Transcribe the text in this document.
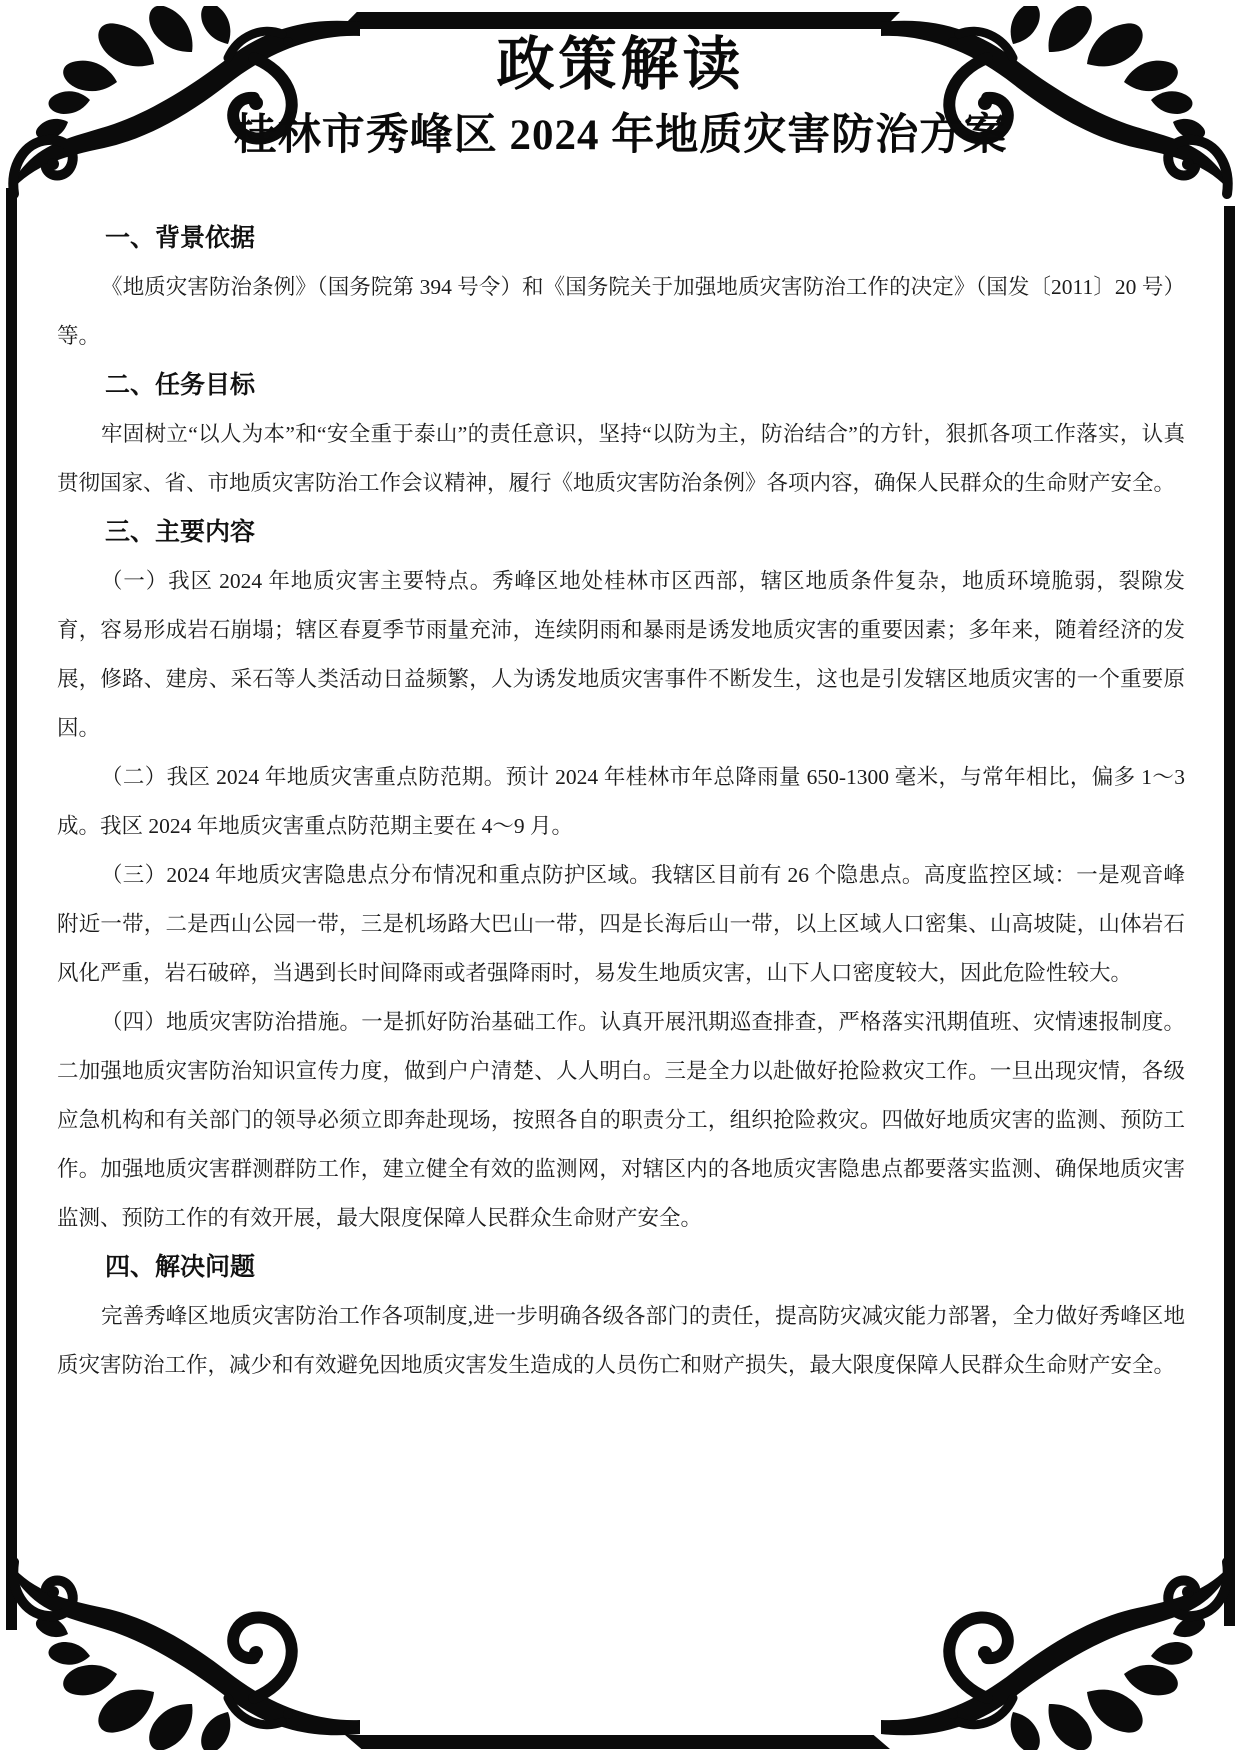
政策解读
桂林市秀峰区 2024 年地质灾害防治方案
一、背景依据

《地质灾害防治条例》（国务院第 394 号令）和《国务院关于加强地质灾害防治工作的决定》（国发〔2011〕20 号）等。

二、任务目标

牢固树立“以人为本”和“安全重于泰山”的责任意识，坚持“以防为主，防治结合”的方针，狠抓各项工作落实，认真贯彻国家、省、市地质灾害防治工作会议精神，履行《地质灾害防治条例》各项内容，确保人民群众的生命财产安全。

三、主要内容

（一）我区 2024 年地质灾害主要特点。秀峰区地处桂林市区西部，辖区地质条件复杂，地质环境脆弱，裂隙发育，容易形成岩石崩塌；辖区春夏季节雨量充沛，连续阴雨和暴雨是诱发地质灾害的重要因素；多年来，随着经济的发展，修路、建房、采石等人类活动日益频繁，人为诱发地质灾害事件不断发生，这也是引发辖区地质灾害的一个重要原因。

（二）我区 2024 年地质灾害重点防范期。预计 2024 年桂林市年总降雨量 650-1300 毫米，与常年相比，偏多 1～3 成。我区 2024 年地质灾害重点防范期主要在 4～9 月。

（三）2024 年地质灾害隐患点分布情况和重点防护区域。我辖区目前有 26 个隐患点。高度监控区域：一是观音峰附近一带，二是西山公园一带，三是机场路大巴山一带，四是长海后山一带，以上区域人口密集、山高坡陡，山体岩石风化严重，岩石破碎，当遇到长时间降雨或者强降雨时，易发生地质灾害，山下人口密度较大，因此危险性较大。

（四）地质灾害防治措施。一是抓好防治基础工作。认真开展汛期巡查排查，严格落实汛期值班、灾情速报制度。二加强地质灾害防治知识宣传力度，做到户户清楚、人人明白。三是全力以赴做好抢险救灾工作。一旦出现灾情，各级应急机构和有关部门的领导必须立即奔赴现场，按照各自的职责分工，组织抢险救灾。四做好地质灾害的监测、预防工作。加强地质灾害群测群防工作，建立健全有效的监测网，对辖区内的各地质灾害隐患点都要落实监测、确保地质灾害监测、预防工作的有效开展，最大限度保障人民群众生命财产安全。

四、解决问题

完善秀峰区地质灾害防治工作各项制度,进一步明确各级各部门的责任，提高防灾减灾能力部署，全力做好秀峰区地质灾害防治工作，减少和有效避免因地质灾害发生造成的人员伤亡和财产损失，最大限度保障人民群众生命财产安全。
